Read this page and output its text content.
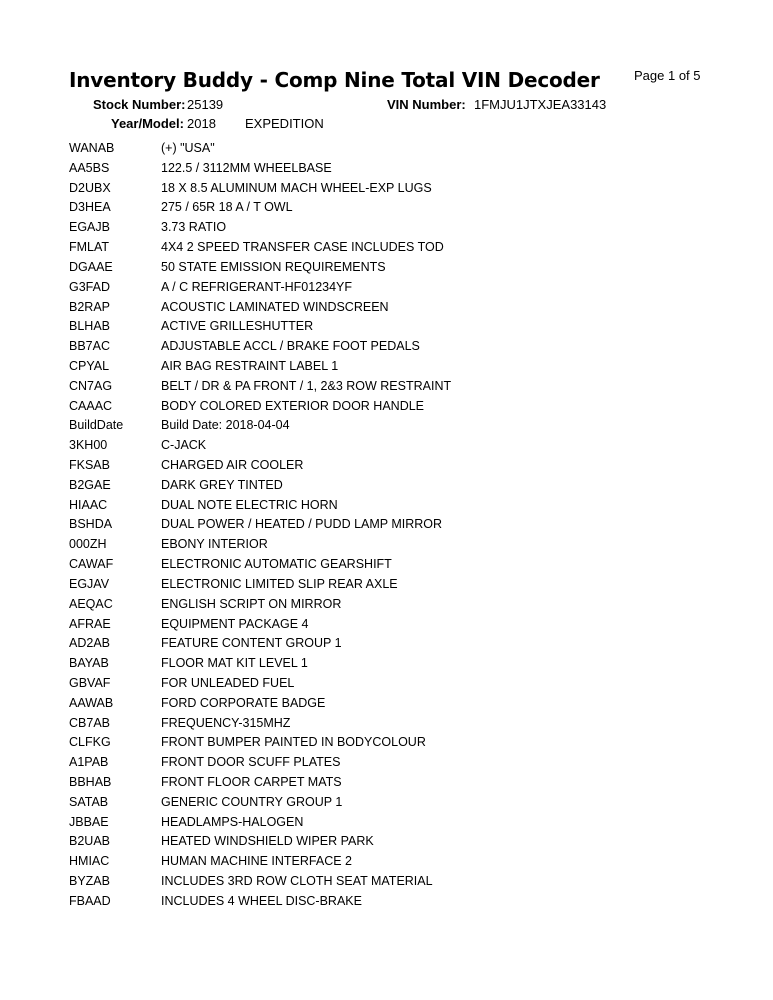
Page 1 of 5
Inventory Buddy - Comp Nine Total VIN Decoder
Stock Number: 25139	VIN Number: 1FMJU1JTXJEA33143
Year/Model: 2018 EXPEDITION
WANAB	(+) "USA"
AA5BS	122.5 / 3112MM WHEELBASE
D2UBX	18 X 8.5 ALUMINUM MACH WHEEL-EXP LUGS
D3HEA	275 / 65R 18 A / T OWL
EGAJB	3.73 RATIO
FMLAT	4X4 2 SPEED TRANSFER CASE INCLUDES TOD
DGAAE	50 STATE EMISSION REQUIREMENTS
G3FAD	A / C REFRIGERANT-HF01234YF
B2RAP	ACOUSTIC LAMINATED WINDSCREEN
BLHAB	ACTIVE GRILLESHUTTER
BB7AC	ADJUSTABLE ACCL / BRAKE FOOT PEDALS
CPYAL	AIR BAG RESTRAINT LABEL 1
CN7AG	BELT / DR & PA FRONT / 1, 2&3 ROW RESTRAINT
CAAAC	BODY COLORED EXTERIOR DOOR HANDLE
BuildDate	Build Date: 2018-04-04
3KH00	C-JACK
FKSAB	CHARGED AIR COOLER
B2GAE	DARK GREY TINTED
HIAAC	DUAL NOTE ELECTRIC HORN
BSHDA	DUAL POWER / HEATED / PUDD LAMP MIRROR
000ZH	EBONY INTERIOR
CAWAF	ELECTRONIC AUTOMATIC GEARSHIFT
EGJAV	ELECTRONIC LIMITED SLIP REAR AXLE
AEQAC	ENGLISH SCRIPT ON MIRROR
AFRAE	EQUIPMENT PACKAGE 4
AD2AB	FEATURE CONTENT GROUP 1
BAYAB	FLOOR MAT KIT LEVEL 1
GBVAF	FOR UNLEADED FUEL
AAWAB	FORD CORPORATE BADGE
CB7AB	FREQUENCY-315MHZ
CLFKG	FRONT BUMPER PAINTED IN BODYCOLOUR
A1PAB	FRONT DOOR SCUFF PLATES
BBHAB	FRONT FLOOR CARPET MATS
SATAB	GENERIC COUNTRY GROUP 1
JBBAE	HEADLAMPS-HALOGEN
B2UAB	HEATED WINDSHIELD WIPER PARK
HMIAC	HUMAN MACHINE INTERFACE 2
BYZAB	INCLUDES 3RD ROW CLOTH SEAT MATERIAL
FBAAD	INCLUDES 4 WHEEL DISC-BRAKE
